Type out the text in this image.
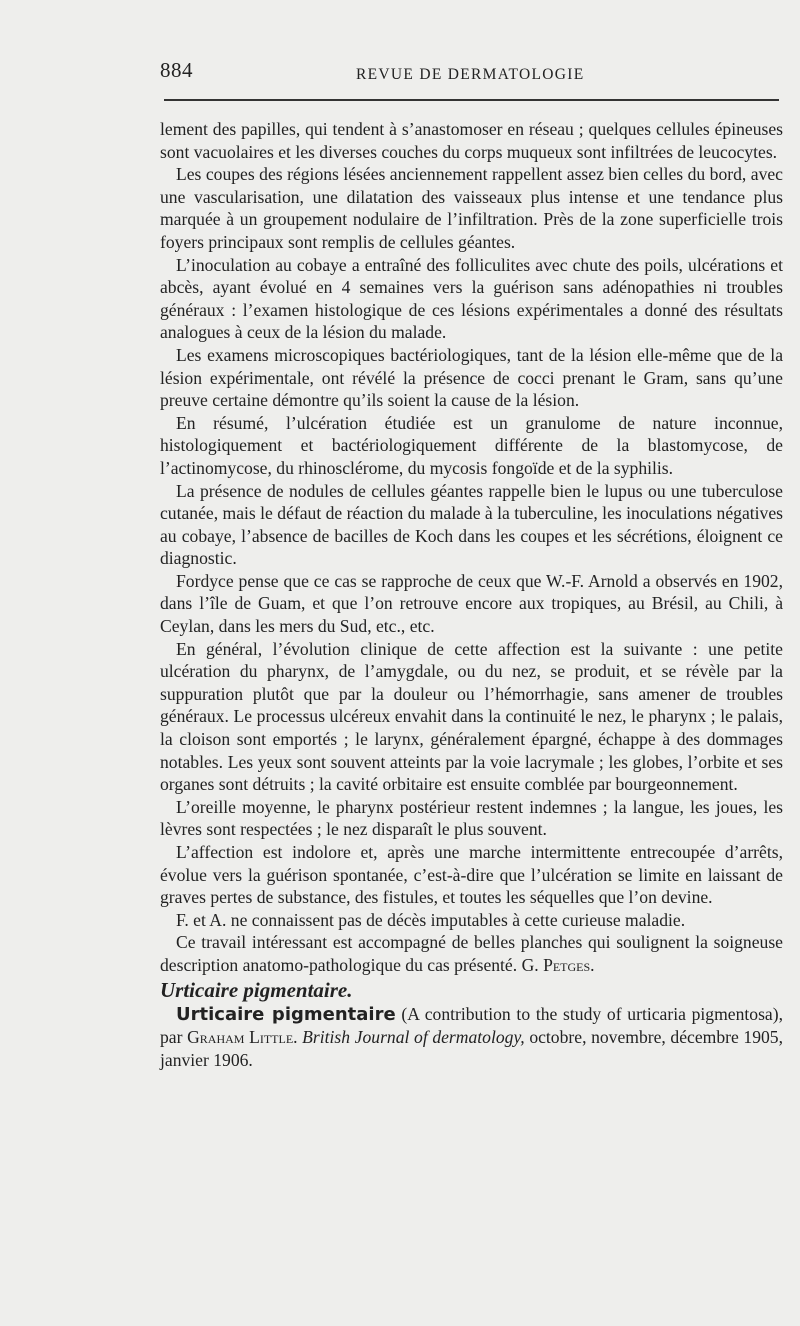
884	REVUE DE DERMATOLOGIE

lement des papilles, qui tendent à s’anastomoser en réseau ; quelques cellules épineuses sont vacuolaires et les diverses couches du corps muqueux sont infiltrées de leucocytes.

Les coupes des régions lésées anciennement rappellent assez bien celles du bord, avec une vascularisation, une dilatation des vaisseaux plus intense et une tendance plus marquée à un groupement nodulaire de l’infiltration. Près de la zone superficielle trois foyers principaux sont remplis de cellules géantes.

L’inoculation au cobaye a entraîné des folliculites avec chute des poils, ulcérations et abcès, ayant évolué en 4 semaines vers la guérison sans adénopathies ni troubles généraux : l’examen histologique de ces lésions expérimentales a donné des résultats analogues à ceux de la lésion du malade.

Les examens microscopiques bactériologiques, tant de la lésion elle-même que de la lésion expérimentale, ont révélé la présence de cocci prenant le Gram, sans qu’une preuve certaine démontre qu’ils soient la cause de la lésion.

En résumé, l’ulcération étudiée est un granulome de nature inconnue, histologiquement et bactériologiquement différente de la blastomycose, de l’actinomycose, du rhinosclérome, du mycosis fongoïde et de la syphilis.

La présence de nodules de cellules géantes rappelle bien le lupus ou une tuberculose cutanée, mais le défaut de réaction du malade à la tuberculine, les inoculations négatives au cobaye, l’absence de bacilles de Koch dans les coupes et les sécrétions, éloignent ce diagnostic.

Fordyce pense que ce cas se rapproche de ceux que W.-F. Arnold a observés en 1902, dans l’île de Guam, et que l’on retrouve encore aux tropiques, au Brésil, au Chili, à Ceylan, dans les mers du Sud, etc., etc.

En général, l’évolution clinique de cette affection est la suivante : une petite ulcération du pharynx, de l’amygdale, ou du nez, se produit, et se révèle par la suppuration plutôt que par la douleur ou l’hémorrhagie, sans amener de troubles généraux. Le processus ulcéreux envahit dans la continuité le nez, le pharynx ; le palais, la cloison sont emportés ; le larynx, généralement épargné, échappe à des dommages notables. Les yeux sont souvent atteints par la voie lacrymale ; les globes, l’orbite et ses organes sont détruits ; la cavité orbitaire est ensuite comblée par bourgeonnement.

L’oreille moyenne, le pharynx postérieur restent indemnes ; la langue, les joues, les lèvres sont respectées ; le nez disparaît le plus souvent.

L’affection est indolore et, après une marche intermittente entrecoupée d’arrêts, évolue vers la guérison spontanée, c’est-à-dire que l’ulcération se limite en laissant de graves pertes de substance, des fistules, et toutes les séquelles que l’on devine.

F. et A. ne connaissent pas de décès imputables à cette curieuse maladie.

Ce travail intéressant est accompagné de belles planches qui soulignent la soigneuse description anatomo-pathologique du cas présenté. G. Petges.

Urticaire pigmentaire.

Urticaire pigmentaire (A contribution to the study of urticaria pigmentosa), par Graham Little. British Journal of dermatology, octobre, novembre, décembre 1905, janvier 1906.
